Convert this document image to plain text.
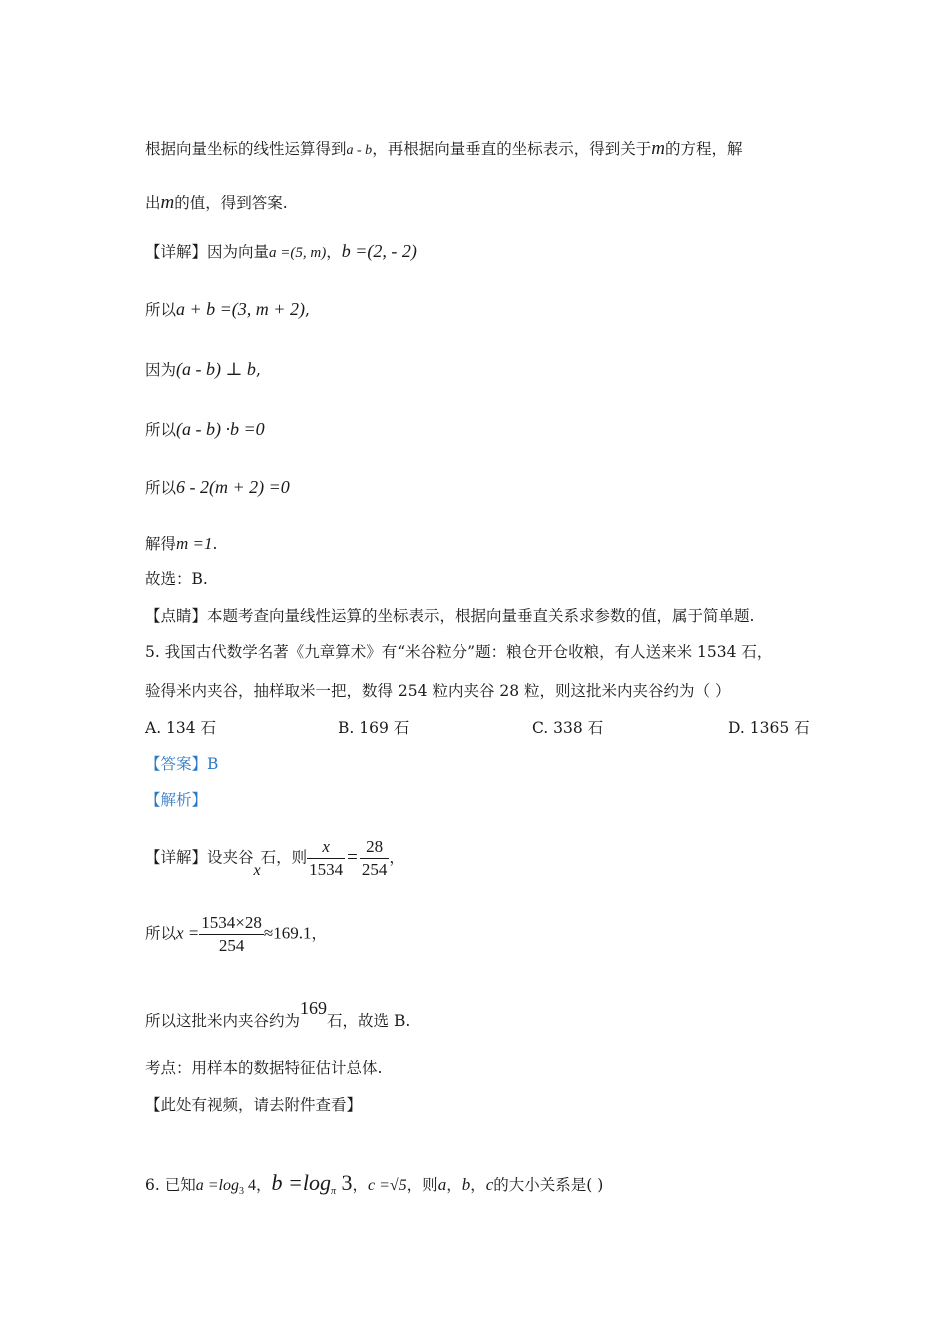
根据向量坐标的线性运算得到a - b，再根据向量垂直的坐标表示，得到关于m的方程，解
出m的值，得到答案.
【详解】因为向量a =(5, m)，b =(2, - 2)
所以a + b =(3, m + 2),
因为(a - b) ⊥ b,
所以(a - b) ·b =0
所以6 - 2(m + 2) =0
解得m =1.
故选：B.
【点睛】本题考查向量线性运算的坐标表示，根据向量垂直关系求参数的值，属于简单题.
5. 我国古代数学名著《九章算术》有“米谷粒分”题：粮仓开仓收粮，有人送来米 1534 石，
验得米内夹谷，抽样取米一把，数得 254 粒内夹谷 28 粒，则这批米内夹谷约为（ ）
A. 134 石	B. 169 石	C. 338 石	D. 1365 石
【答案】B
【解析】
【详解】设夹谷x石，则 $\frac{x}{1534} = \frac{28}{254}$ ，
所以$x = \frac{1534\times 28}{254} \approx 169.1$，
所以这批米内夹谷约为169石，故选 B.
考点：用样本的数据特征估计总体.
【此处有视频，请去附件查看】
6. 已知$a =\log_3$ 4，$b =\log_\pi$ 3，c =√5，则a，b，c的大小关系是( )
